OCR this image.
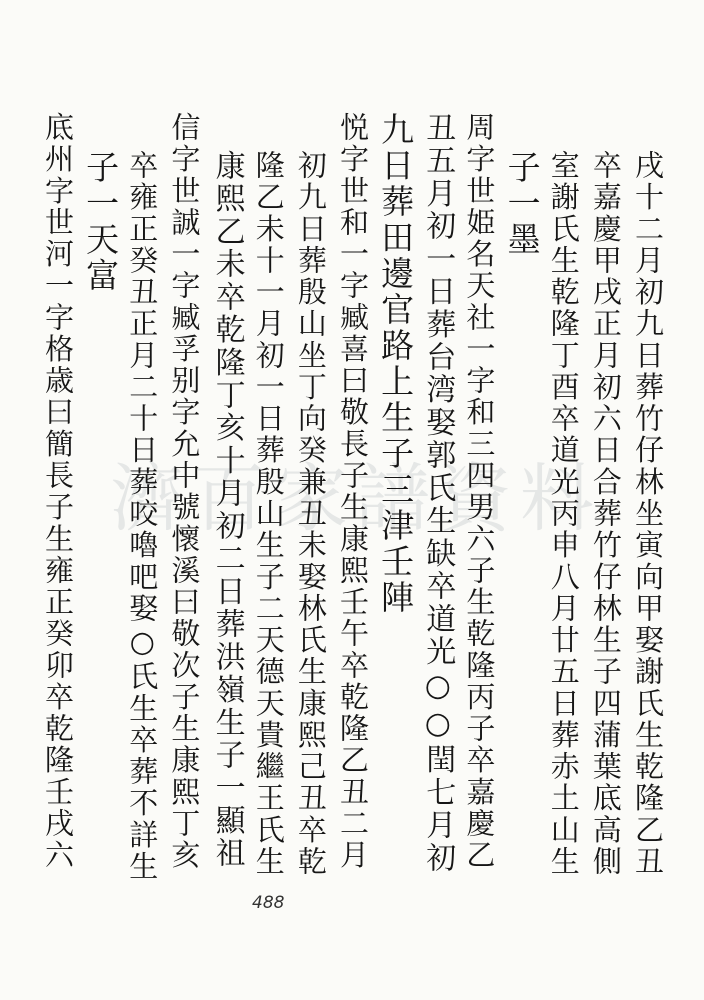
濟百家譜資料	戌十二月初九日葬竹仔林坐寅向甲娶謝氏生乾隆乙丑
卒嘉慶甲戌正月初六日合葬竹仔林生子四蒲葉底高側
室謝氏生乾隆丁酉卒道光丙申八月廿五日葬赤土山生
子一墨
周字世姫名天社一字和三四男六子生乾隆丙子卒嘉慶乙
丑五月初一日葬台湾娶郭氏生缺卒道光○○閏七月初
九日葬田邊官路上生子三津壬陣
悦字世和一字臧喜曰敬長子生康熙壬午卒乾隆乙丑二月
初九日葬殷山坐丁向癸兼丑未娶林氏生康熙己丑卒乾
隆乙未十一月初一日葬殷山生子二天德天貴繼王氏生
康熙乙未卒乾隆丁亥十月初二日葬洪嶺生子一顯祖
信字世誠一字臧孚别字允中號懷溪曰敬次子生康熙丁亥
卒雍正癸丑正月二十日葬咬嚕吧娶○氏生卒葬不詳生
子一天富
底州字世河一字格歳曰簡長子生雍正癸卯卒乾隆壬戌六
488
